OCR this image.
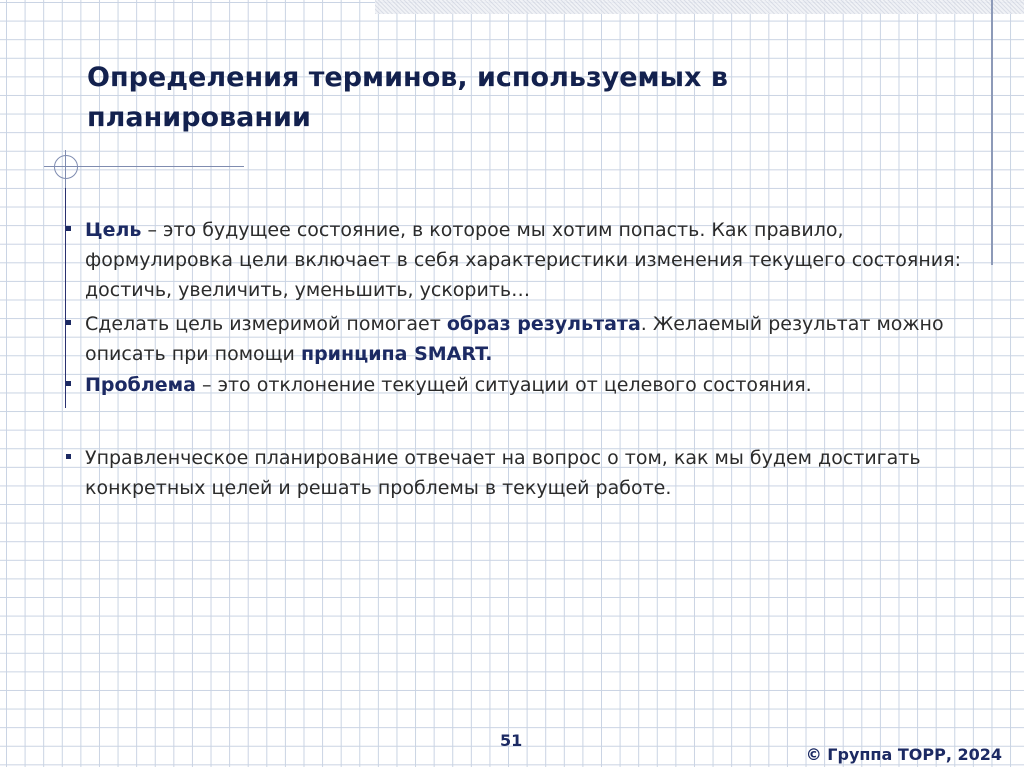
Определения терминов, используемых в планировании
Цель – это будущее состояние, в которое мы хотим попасть. Как правило, формулировка цели включает в себя характеристики изменения текущего состояния: достичь, увеличить, уменьшить, ускорить…
Сделать цель измеримой помогает образ результата. Желаемый результат можно описать при помощи принципа SMART.
Проблема – это отклонение текущей ситуации от целевого состояния.
Управленческое планирование отвечает на вопрос о том, как мы будем достигать конкретных целей и решать проблемы в текущей работе.
51
© Группа ТОРР, 2024
